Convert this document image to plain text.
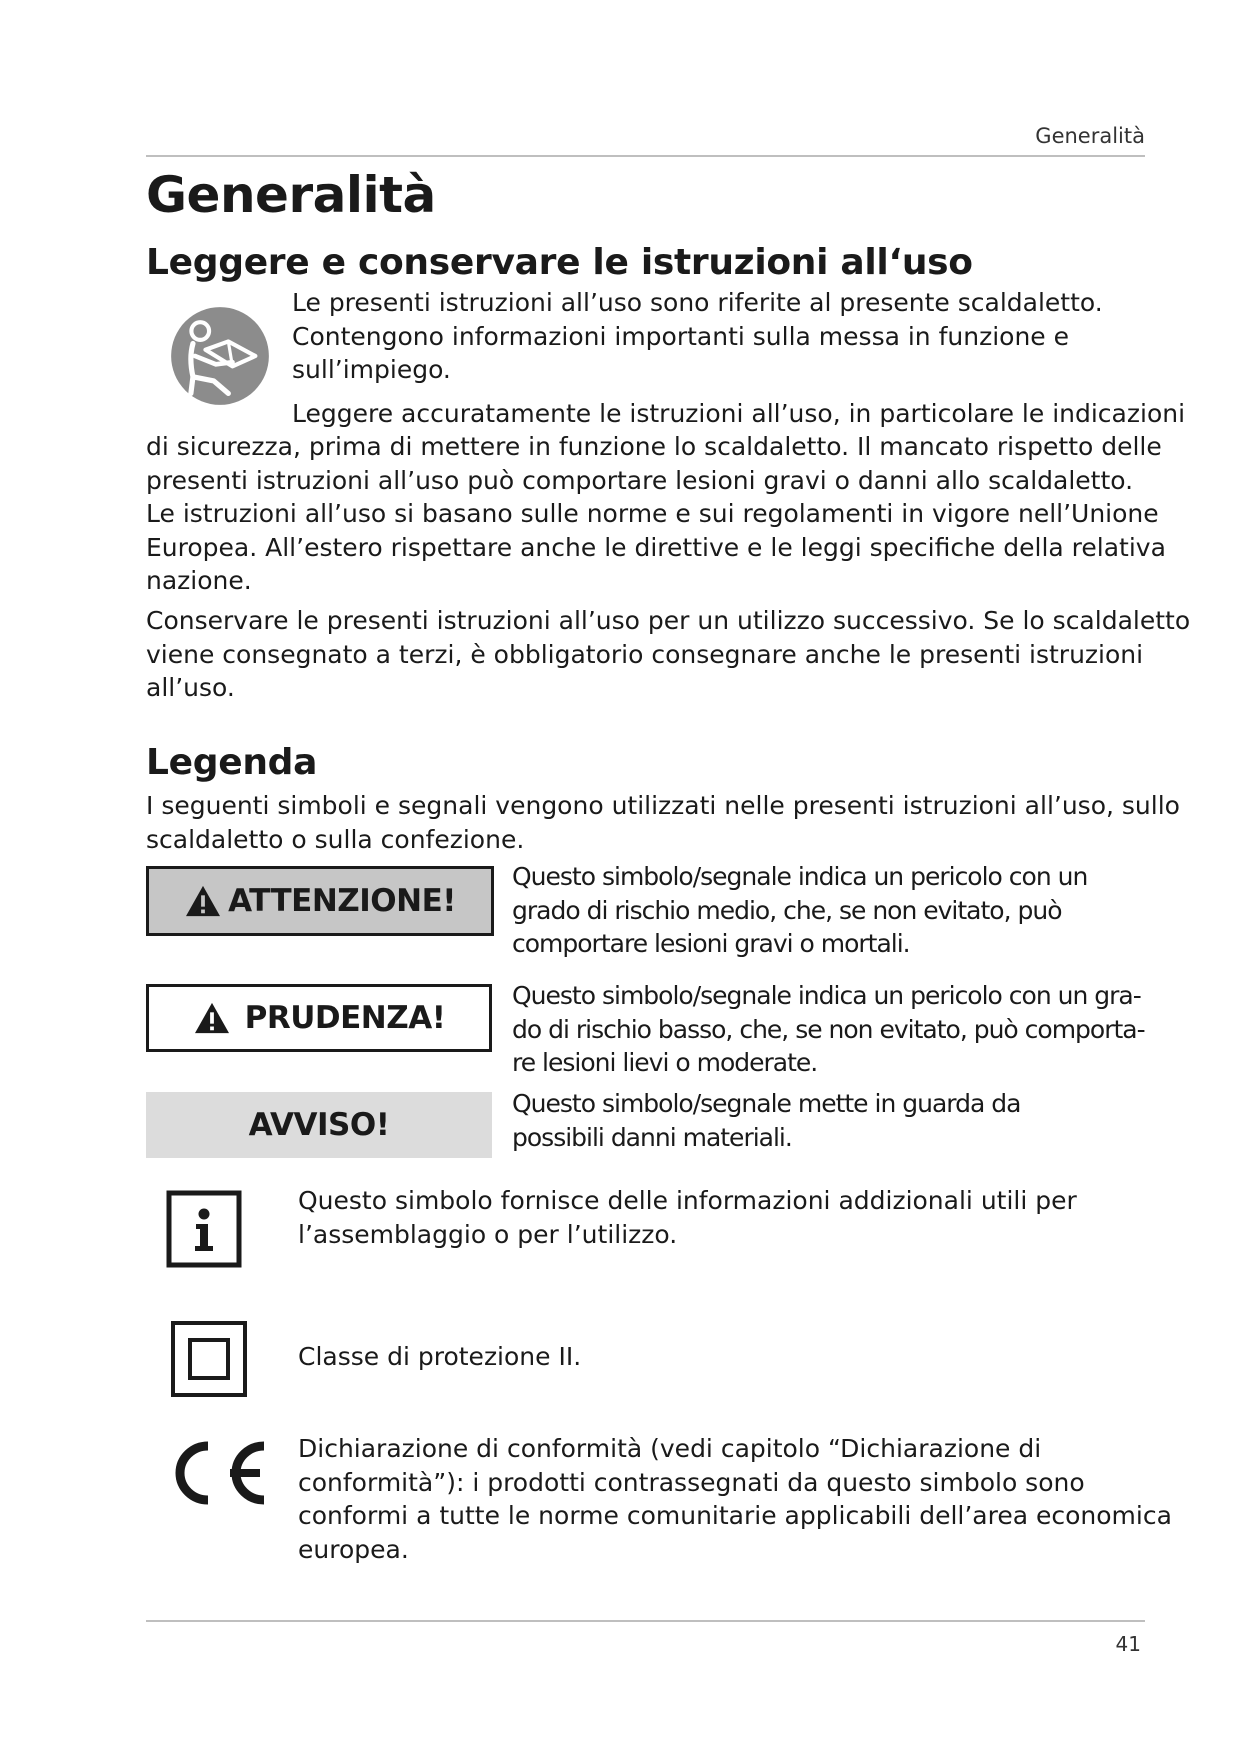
Generalità
Generalità
Leggere e conservare le istruzioni all‘uso

Le presenti istruzioni all’uso sono riferite al presente scaldaletto.
Contengono informazioni importanti sulla messa in funzione e
sull’impiego.

Leggere accuratamente le istruzioni all’uso, in particolare le indicazioni

di sicurezza, prima di mettere in funzione lo scaldaletto. Il mancato rispetto delle
presenti istruzioni all’uso può comportare lesioni gravi o danni allo scaldaletto.
Le istruzioni all’uso si basano sulle norme e sui regolamenti in vigore nell’Unione
Europea. All’estero rispettare anche le direttive e le leggi specifiche della relativa
nazione.

Conservare le presenti istruzioni all’uso per un utilizzo successivo. Se lo scaldaletto
viene consegnato a terzi, è obbligatorio consegnare anche le presenti istruzioni
all’uso.

Legenda

I seguenti simboli e segnali vengono utilizzati nelle presenti istruzioni all’uso, sullo
scaldaletto o sulla confezione.

ATTENZIONE!

Questo simbolo/segnale indica un pericolo con un
grado di rischio medio, che, se non evitato, può
comportare lesioni gravi o mortali.

PRUDENZA!

Questo simbolo/segnale indica un pericolo con un gra-
do di rischio basso, che, se non evitato, può comporta-
re lesioni lievi o moderate.

AVVISO!

Questo simbolo/segnale mette in guarda da
possibili danni materiali.

Questo simbolo fornisce delle informazioni addizionali utili per
l’assemblaggio o per l’utilizzo.

Classe di protezione II.

Dichiarazione di conformità (vedi capitolo “Dichiarazione di
conformità”): i prodotti contrassegnati da questo simbolo sono
conformi a tutte le norme comunitarie applicabili dell’area economica
europea.

41
